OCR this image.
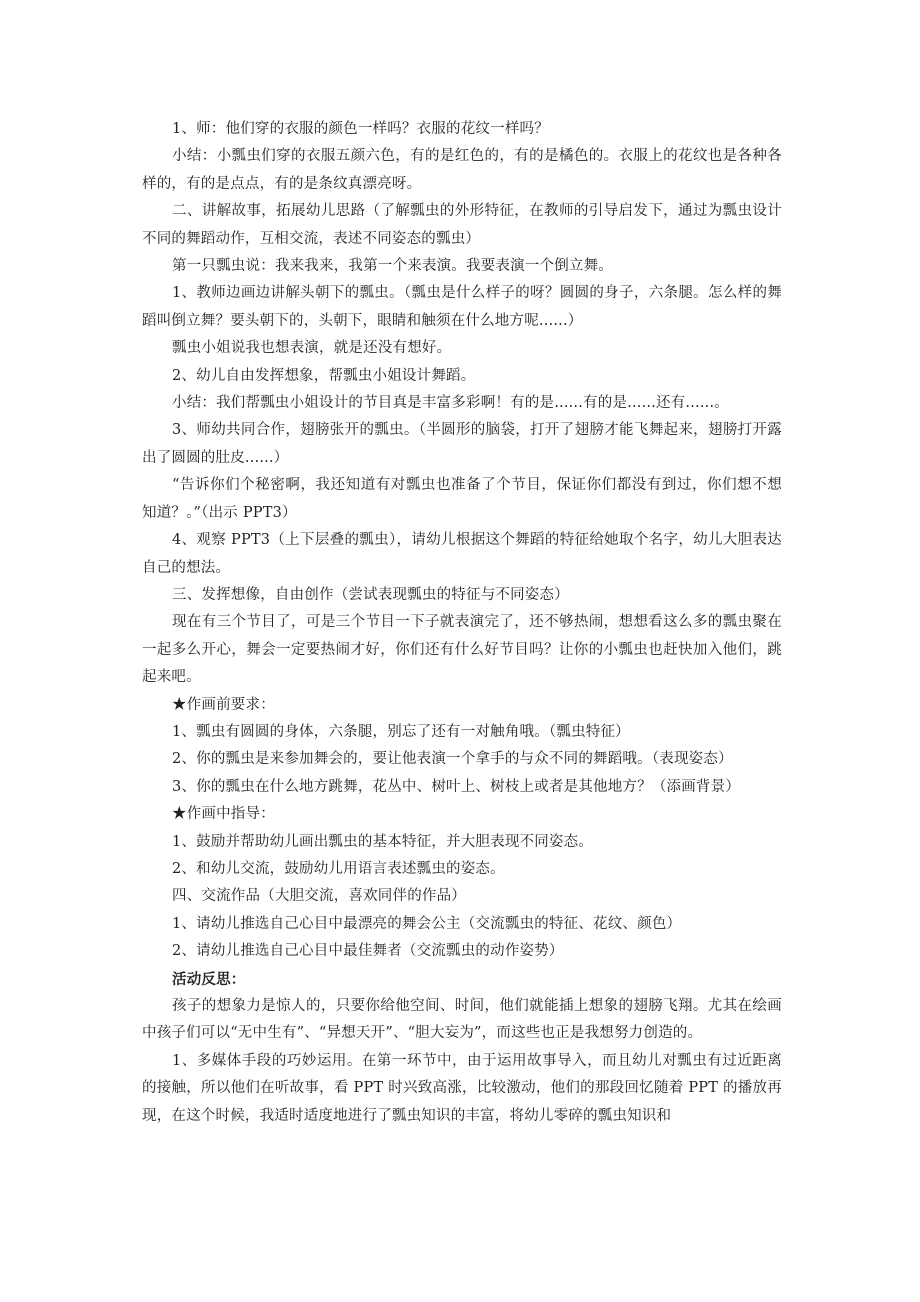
1、师：他们穿的衣服的颜色一样吗？衣服的花纹一样吗？

小结：小瓢虫们穿的衣服五颜六色，有的是红色的，有的是橘色的。衣服上的花纹也是各种各样的，有的是点点，有的是条纹真漂亮呀。

二、讲解故事，拓展幼儿思路（了解瓢虫的外形特征，在教师的引导启发下，通过为瓢虫设计不同的舞蹈动作，互相交流，表述不同姿态的瓢虫）

第一只瓢虫说：我来我来，我第一个来表演。我要表演一个倒立舞。

1、教师边画边讲解头朝下的瓢虫。（瓢虫是什么样子的呀？圆圆的身子，六条腿。怎么样的舞蹈叫倒立舞？要头朝下的，头朝下，眼睛和触须在什么地方呢......）

瓢虫小姐说我也想表演，就是还没有想好。

2、幼儿自由发挥想象，帮瓢虫小姐设计舞蹈。

小结：我们帮瓢虫小姐设计的节目真是丰富多彩啊！有的是......有的是......还有......。

3、师幼共同合作，翅膀张开的瓢虫。（半圆形的脑袋，打开了翅膀才能飞舞起来，翅膀打开露出了圆圆的肚皮......）

“告诉你们个秘密啊，我还知道有对瓢虫也准备了个节目，保证你们都没有到过，你们想不想知道？。”（出示 PPT3）

4、观察 PPT3（上下层叠的瓢虫），请幼儿根据这个舞蹈的特征给她取个名字，幼儿大胆表达自己的想法。

三、发挥想像，自由创作（尝试表现瓢虫的特征与不同姿态）

现在有三个节目了，可是三个节目一下子就表演完了，还不够热闹，想想看这么多的瓢虫聚在一起多么开心，舞会一定要热闹才好，你们还有什么好节目吗？让你的小瓢虫也赶快加入他们，跳起来吧。

★作画前要求：

1、瓢虫有圆圆的身体，六条腿，别忘了还有一对触角哦。（瓢虫特征）

2、你的瓢虫是来参加舞会的，要让他表演一个拿手的与众不同的舞蹈哦。（表现姿态）

3、你的瓢虫在什么地方跳舞，花丛中、树叶上、树枝上或者是其他地方？（添画背景）

★作画中指导：

1、鼓励并帮助幼儿画出瓢虫的基本特征，并大胆表现不同姿态。

2、和幼儿交流，鼓励幼儿用语言表述瓢虫的姿态。

四、交流作品（大胆交流，喜欢同伴的作品）

1、请幼儿推选自己心目中最漂亮的舞会公主（交流瓢虫的特征、花纹、颜色）

2、请幼儿推选自己心目中最佳舞者（交流瓢虫的动作姿势）

活动反思：

孩子的想象力是惊人的，只要你给他空间、时间，他们就能插上想象的翅膀飞翔。尤其在绘画中孩子们可以“无中生有”、“异想天开”、“胆大妄为”，而这些也正是我想努力创造的。

1、多媒体手段的巧妙运用。在第一环节中，由于运用故事导入，而且幼儿对瓢虫有过近距离的接触，所以他们在听故事，看 PPT 时兴致高涨，比较激动，他们的那段回忆随着 PPT 的播放再现，在这个时候，我适时适度地进行了瓢虫知识的丰富，将幼儿零碎的瓢虫知识和
